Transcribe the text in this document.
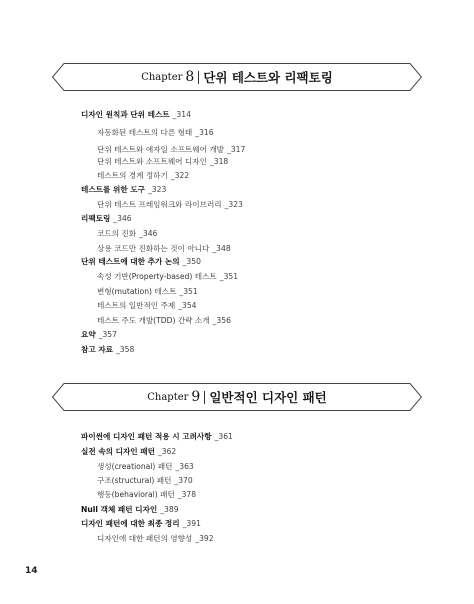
Chapter 8 단위 테스트와 리팩토링
디자인 원칙과 단위 테스트 _314
자동화된 테스트의 다른 형태 _316
단위 테스트와 애자일 소프트웨어 개발 _317
단위 테스트와 소프트웨어 디자인 _318
테스트의 경계 정하기 _322
테스트를 위한 도구 _323
단위 테스트 프레임워크와 라이브러리 _323
리팩토링 _346
코드의 진화 _346
상용 코드만 진화하는 것이 아니다 _348
단위 테스트에 대한 추가 논의 _350
속성 기반(Property-based) 테스트 _351
변형(mutation) 테스트 _351
테스트의 일반적인 주제 _354
테스트 주도 개발(TDD) 간략 소개 _356
요약 _357
참고 자료 _358
Chapter 9 일반적인 디자인 패턴
파이썬에 디자인 패턴 적용 시 고려사항 _361
실전 속의 디자인 패턴 _362
생성(creational) 패턴 _363
구조(structural) 패턴 _370
행동(behavioral) 패턴 _378
Null 객체 패턴 디자인 _389
디자인 패턴에 대한 최종 정리 _391
디자인에 대한 패턴의 영향성 _392
14
